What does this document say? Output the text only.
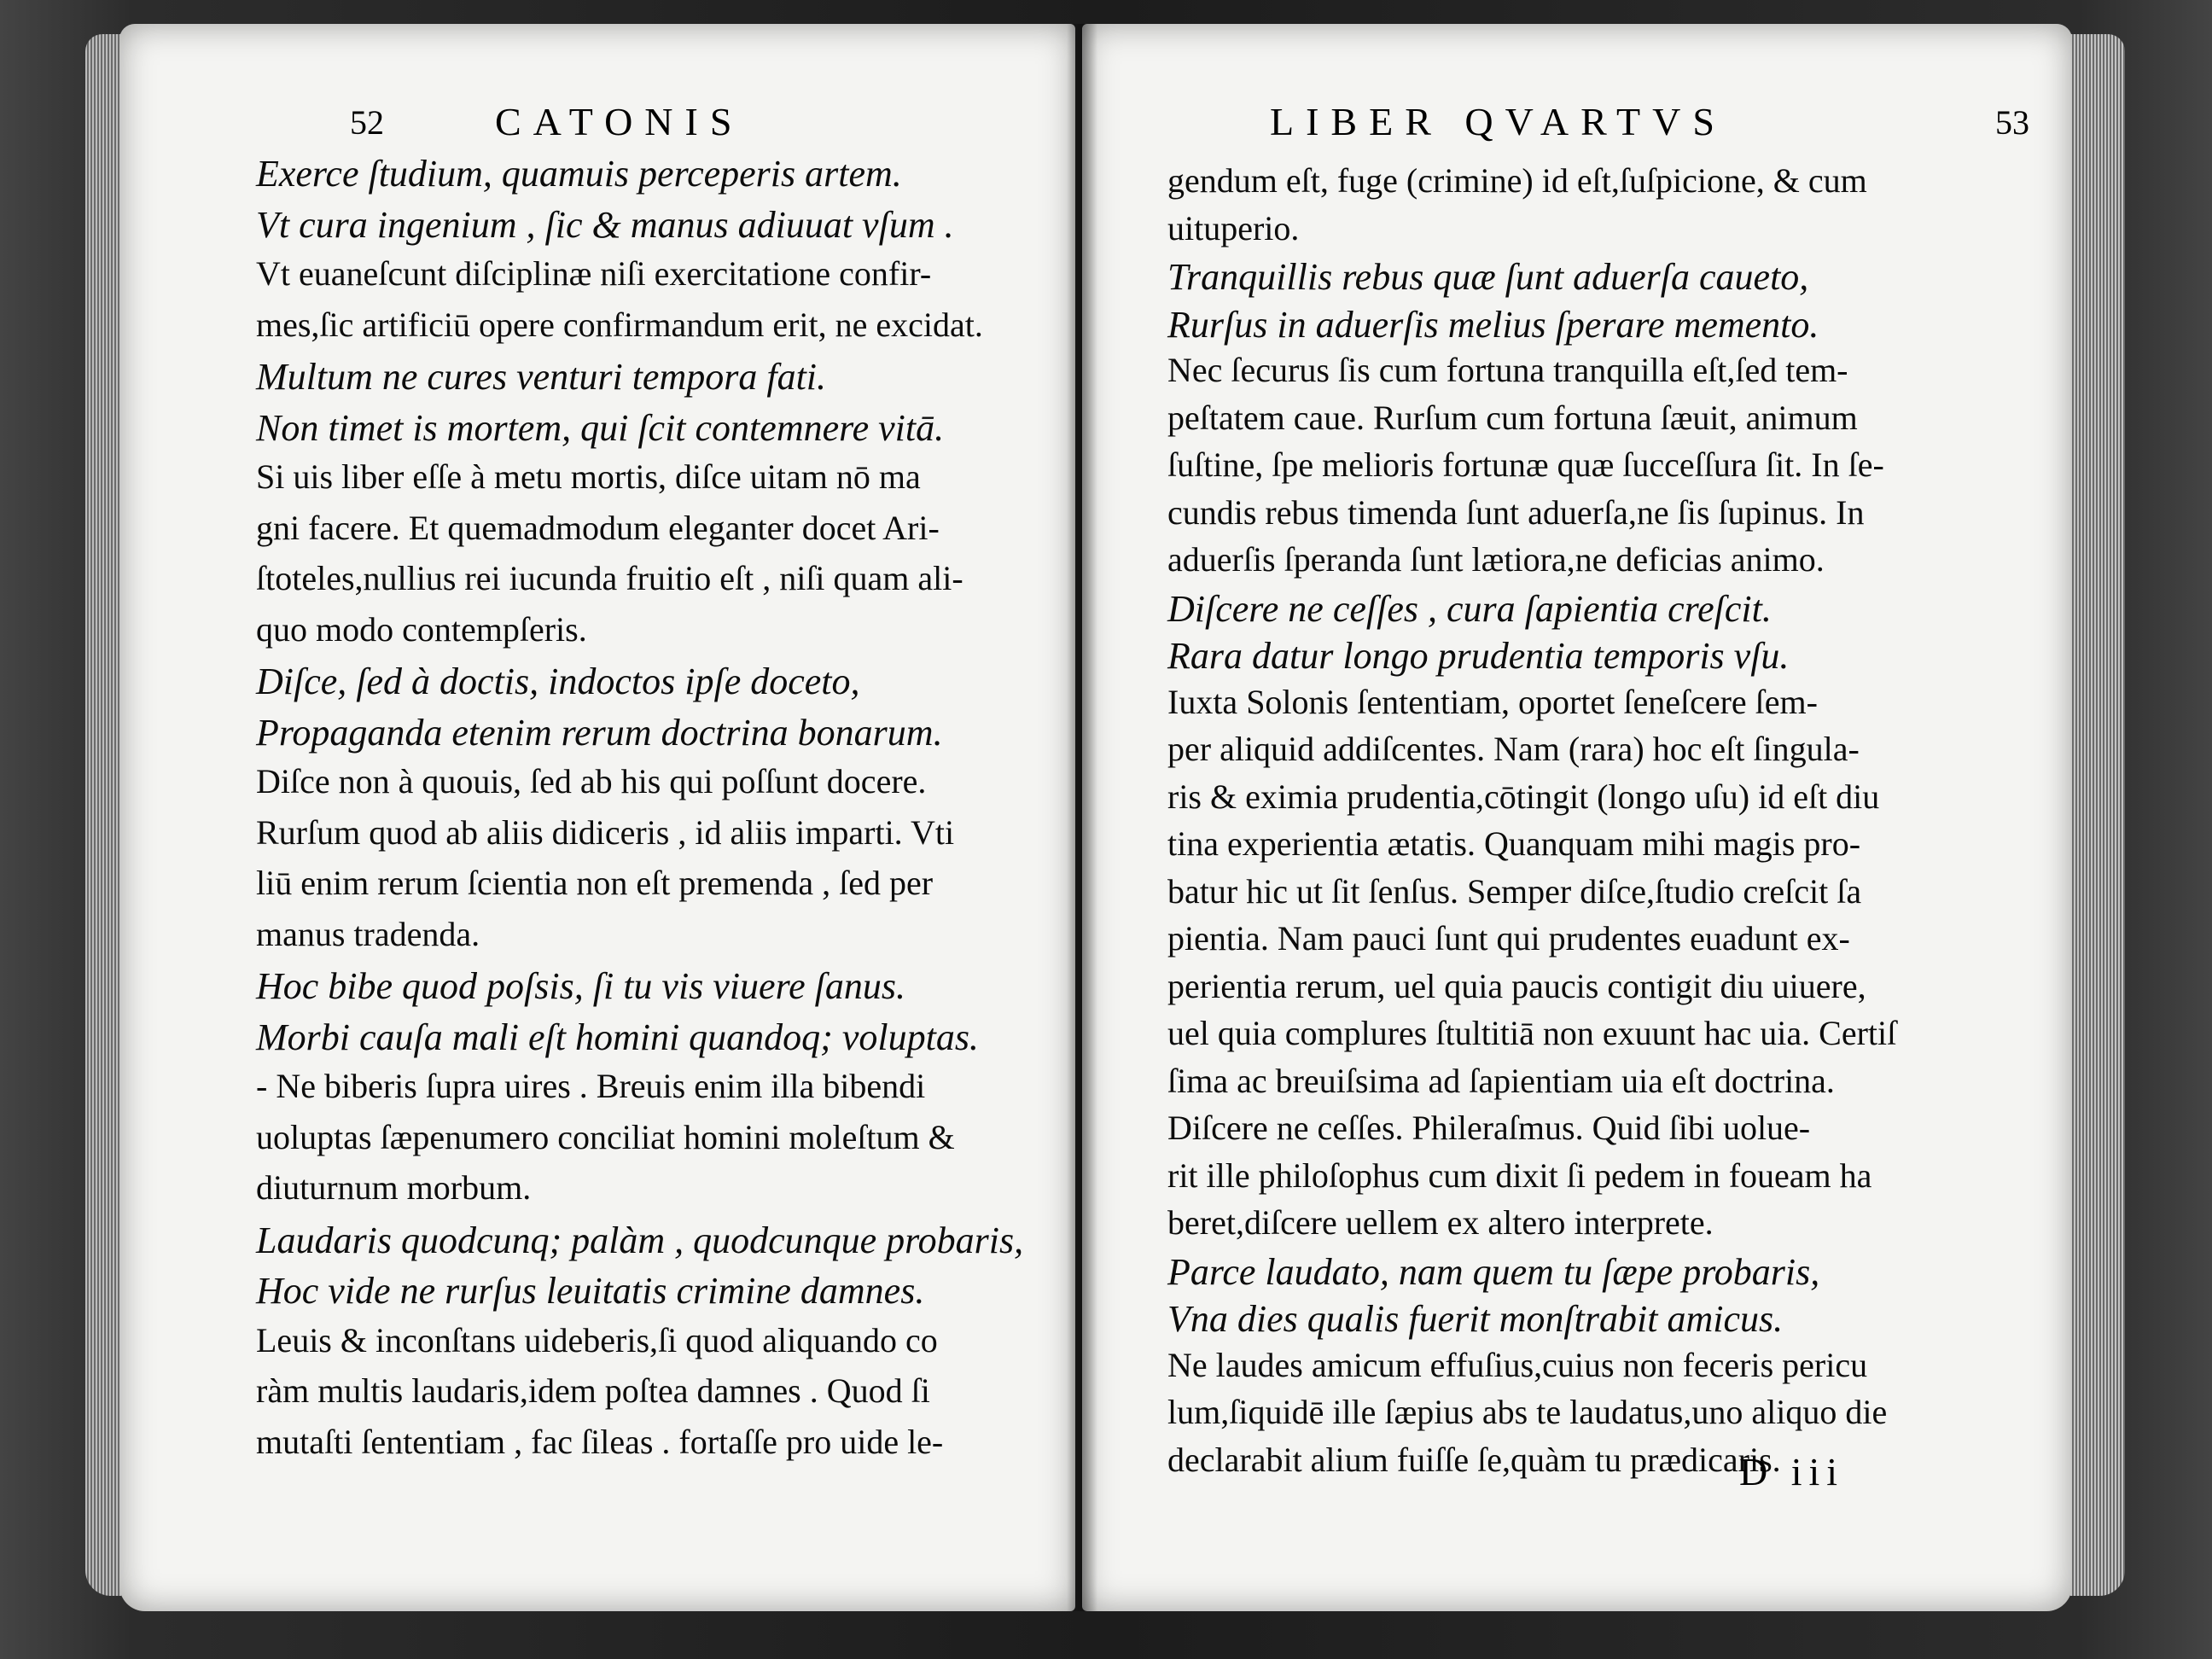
52	CATONIS
Exerce ſtudium, quamuis perceperis artem.
Vt cura ingenium , ſic & manus adiuuat vſum .
Vt euaneſcunt diſciplinæ niſi exercitatione confir-
mes,ſic artificiū opere confirmandum erit, ne excidat.
Multum ne cures venturi tempora fati.
Non timet is mortem, qui ſcit contemnere vitā.
Si uis liber eſſe à metu mortis, diſce uitam nō ma
gni facere. Et quemadmodum eleganter docet Ari-
ſtoteles,nullius rei iucunda fruitio eſt , niſi quam ali-
quo modo contempſeris.
Diſce, ſed à doctis, indoctos ipſe doceto,
Propaganda etenim rerum doctrina bonarum.
Diſce non à quouis, ſed ab his qui poſſunt docere.
Rurſum quod ab aliis didiceris , id aliis imparti. Vti
liū enim rerum ſcientia non eſt premenda , ſed per
manus tradenda.
Hoc bibe quod poſsis, ſi tu vis viuere ſanus.
Morbi cauſa mali eſt homini quandoq; voluptas.
- Ne biberis ſupra uires . Breuis enim illa bibendi
uoluptas ſæpenumero conciliat homini moleſtum &
diuturnum morbum.
Laudaris quodcunq; palàm , quodcunque probaris,
Hoc vide ne rurſus leuitatis crimine damnes.
Leuis & inconſtans uideberis,ſi quod aliquando co
ràm multis laudaris,idem poſtea damnes . Quod ſi
mutaſti ſententiam , fac ſileas . fortaſſe pro uide le-
LIBER QVARTVS	53
gendum eſt, fuge (crimine) id eſt,ſuſpicione, & cum
uituperio.
Tranquillis rebus quæ ſunt aduerſa caueto,
Rurſus in aduerſis melius ſperare memento.
Nec ſecurus ſis cum fortuna tranquilla eſt,ſed tem-
peſtatem caue. Rurſum cum fortuna ſæuit, animum
ſuſtine, ſpe melioris fortunæ quæ ſucceſſura ſit. In ſe-
cundis rebus timenda ſunt aduerſa,ne ſis ſupinus. In
aduerſis ſperanda ſunt lætiora,ne deficias animo.
Diſcere ne ceſſes , cura ſapientia creſcit.
Rara datur longo prudentia temporis vſu.
Iuxta Solonis ſententiam, oportet ſeneſcere ſem-
per aliquid addiſcentes. Nam (rara) hoc eſt ſingula-
ris & eximia prudentia,cōtingit (longo uſu) id eſt diu
tina experientia ætatis. Quanquam mihi magis pro-
batur hic ut ſit ſenſus. Semper diſce,ſtudio creſcit ſa
pientia. Nam pauci ſunt qui prudentes euadunt ex-
perientia rerum, uel quia paucis contigit diu uiuere,
uel quia complures ſtultitiā non exuunt hac uia. Certiſ
ſima ac breuiſsima ad ſapientiam uia eſt doctrina.
Diſcere ne ceſſes. Phileraſmus. Quid ſibi uolue-
rit ille philoſophus cum dixit ſi pedem in foueam ha
beret,diſcere uellem ex altero interprete.
Parce laudato, nam quem tu ſæpe probaris,
Vna dies qualis fuerit monſtrabit amicus.
Ne laudes amicum effuſius,cuius non feceris pericu
lum,ſiquidē ille ſæpius abs te laudatus,uno aliquo die
declarabit alium fuiſſe ſe,quàm tu prædicaris.
D iii
